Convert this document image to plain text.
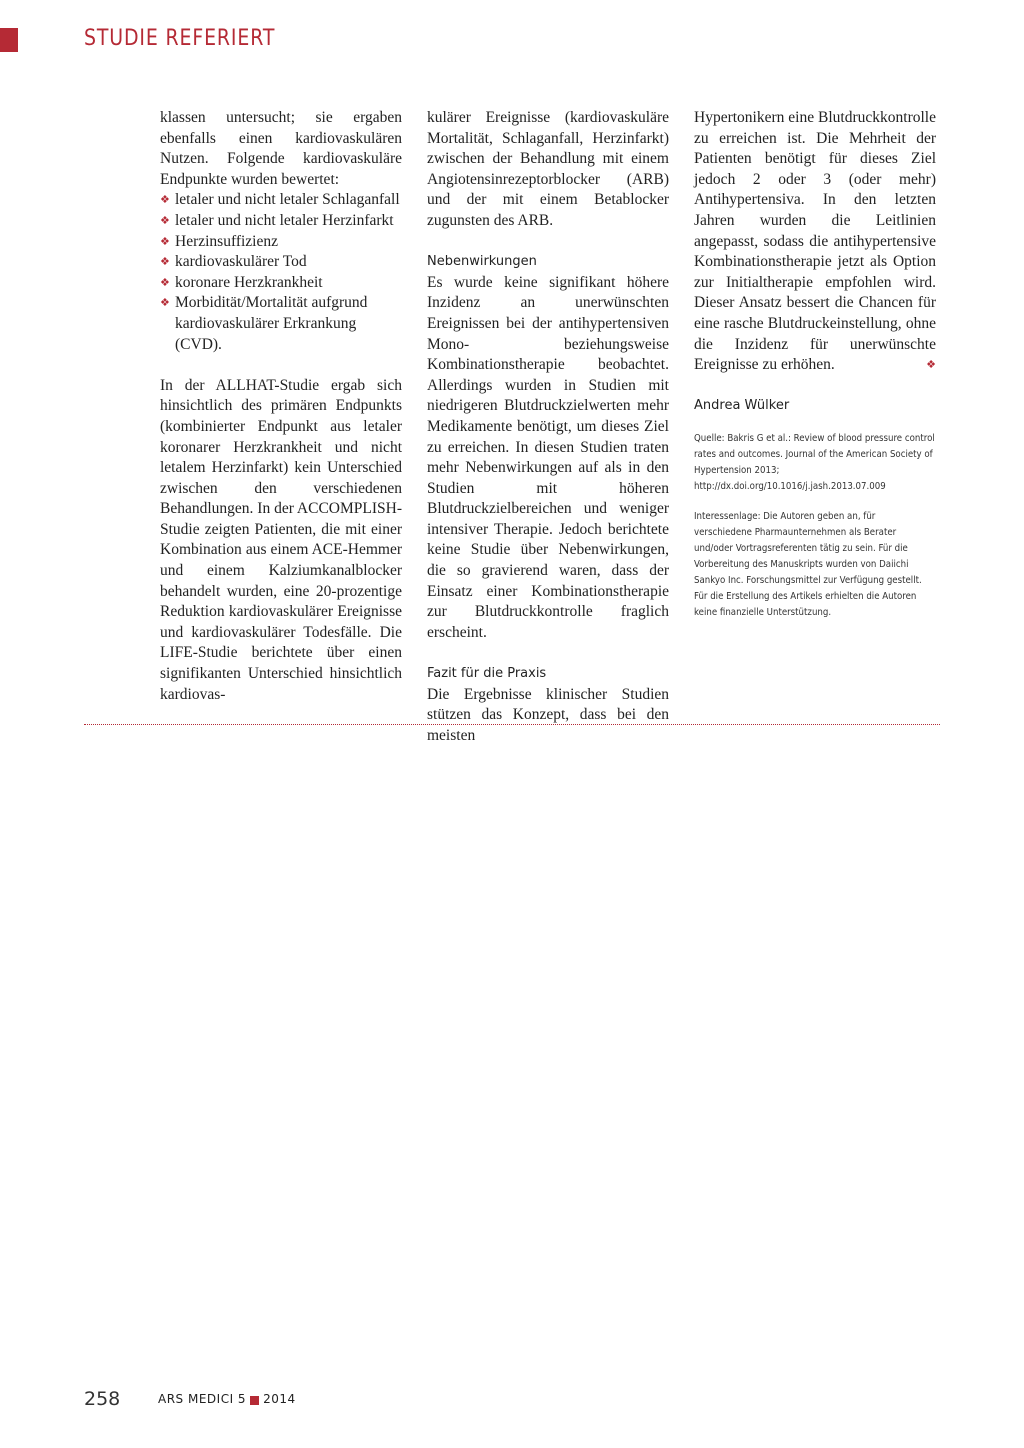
STUDIE REFERIERT

klassen untersucht; sie ergaben ebenfalls einen kardiovaskulären Nutzen. Folgende kardiovaskuläre Endpunkte wurden bewertet:

❖ letaler und nicht letaler Schlaganfall
❖ letaler und nicht letaler Herzinfarkt
❖ Herzinsuffizienz
❖ kardiovaskulärer Tod
❖ koronare Herzkrankheit
❖ Morbidität/Mortalität aufgrund kardiovaskulärer Erkrankung (CVD).

In der ALLHAT-Studie ergab sich hinsichtlich des primären Endpunkts (kombinierter Endpunkt aus letaler koronarer Herzkrankheit und nicht letalem Herzinfarkt) kein Unterschied zwischen den verschiedenen Behandlungen. In der ACCOMPLISH-Studie zeigten Patienten, die mit einer Kombination aus einem ACE-Hemmer und einem Kalziumkanalblocker behandelt wurden, eine 20-prozentige Reduktion kardiovaskulärer Ereignisse und kardiovaskulärer Todesfälle. Die LIFE-Studie berichtete über einen signifikanten Unterschied hinsichtlich kardiovas-

kulärer Ereignisse (kardiovaskuläre Mortalität, Schlaganfall, Herzinfarkt) zwischen der Behandlung mit einem Angiotensinrezeptorblocker (ARB) und der mit einem Betablocker zugunsten des ARB.

Nebenwirkungen

Es wurde keine signifikant höhere Inzidenz an unerwünschten Ereignissen bei der antihypertensiven Mono- beziehungsweise Kombinationstherapie beobachtet. Allerdings wurden in Studien mit niedrigeren Blutdruckzielwerten mehr Medikamente benötigt, um dieses Ziel zu erreichen. In diesen Studien traten mehr Nebenwirkungen auf als in den Studien mit höheren Blutdruckzielbereichen und weniger intensiver Therapie. Jedoch berichtete keine Studie über Nebenwirkungen, die so gravierend waren, dass der Einsatz einer Kombinationstherapie zur Blutdruckkontrolle fraglich erscheint.

Fazit für die Praxis

Die Ergebnisse klinischer Studien stützen das Konzept, dass bei den meisten

Hypertonikern eine Blutdruckkontrolle zu erreichen ist. Die Mehrheit der Patienten benötigt für dieses Ziel jedoch 2 oder 3 (oder mehr) Antihypertensiva. In den letzten Jahren wurden die Leitlinien angepasst, sodass die antihypertensive Kombinationstherapie jetzt als Option zur Initialtherapie empfohlen wird. Dieser Ansatz bessert die Chancen für eine rasche Blutdruckeinstellung, ohne die Inzidenz für unerwünschte Ereignisse zu erhöhen.	❖

Andrea Wülker

Quelle: Bakris G et al.: Review of blood pressure control rates and outcomes. Journal of the American Society of Hypertension 2013; http://dx.doi.org/10.1016/j.jash.2013.07.009

Interessenlage: Die Autoren geben an, für verschiedene Pharmaunternehmen als Berater und/oder Vortragsreferenten tätig zu sein. Für die Vorbereitung des Manuskripts wurden von Daiichi Sankyo Inc. Forschungsmittel zur Verfügung gestellt. Für die Erstellung des Artikels erhielten die Autoren keine finanzielle Unterstützung.

258	ARS MEDICI 5 2014
